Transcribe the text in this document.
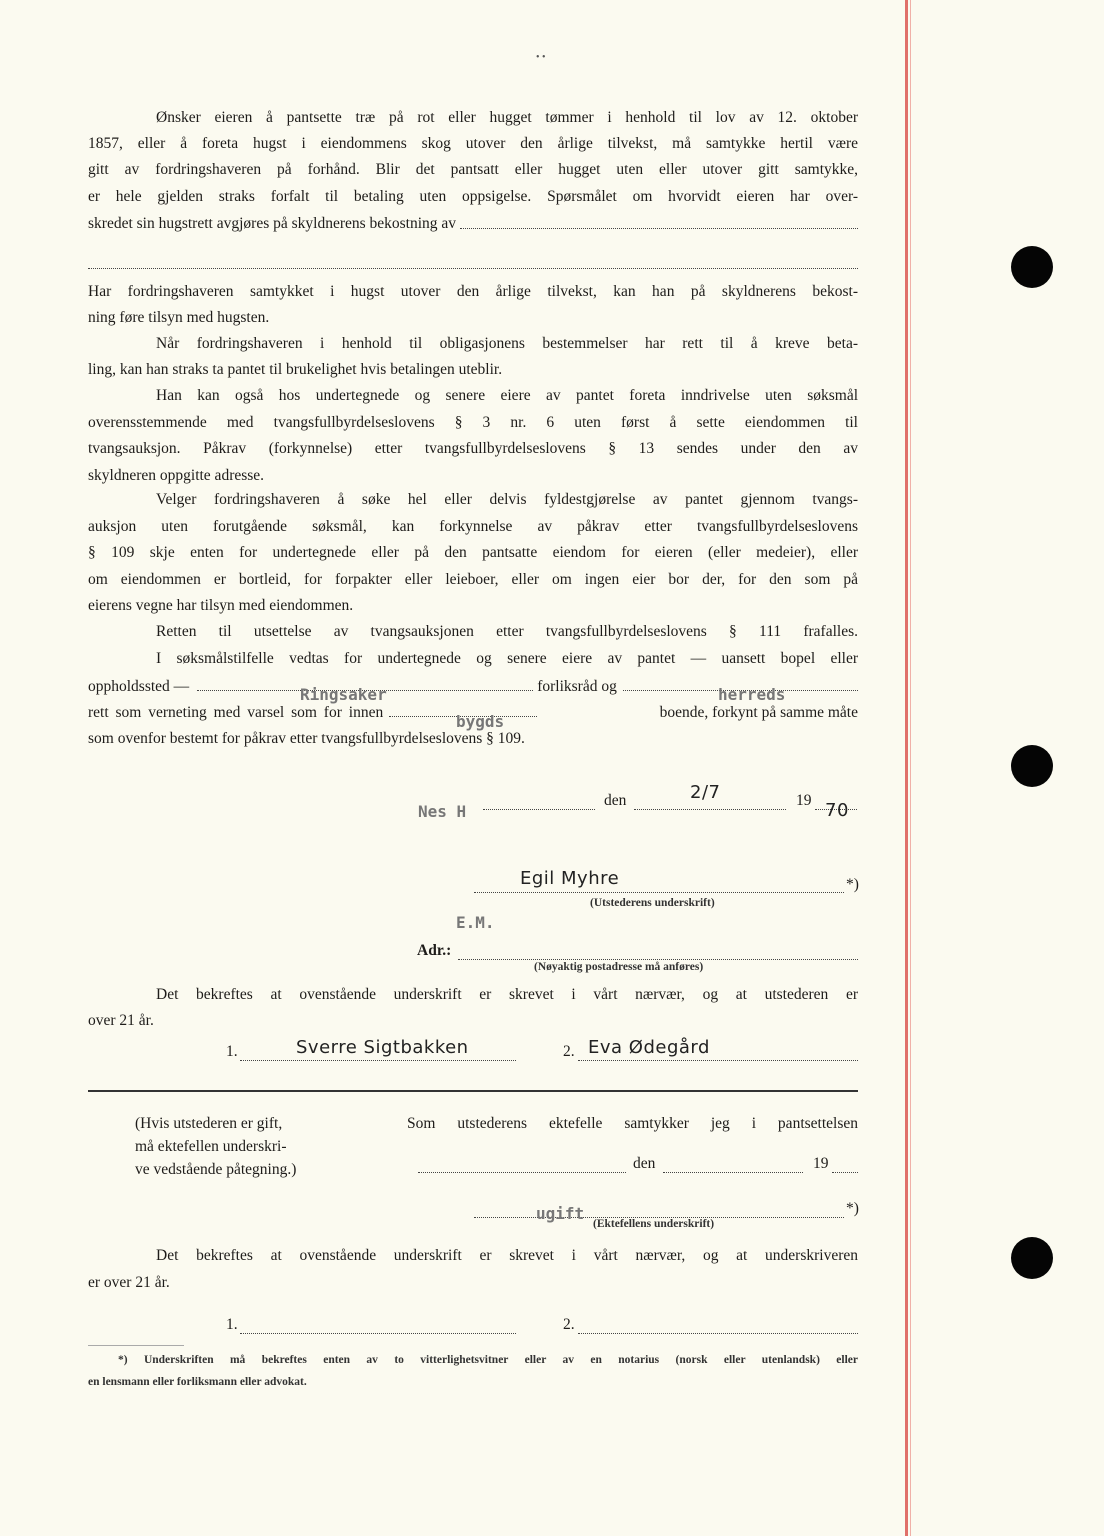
• •
Ønsker eieren å pantsette træ på rot eller hugget tømmer i henhold til lov av 12. oktober
1857, eller å foreta hugst i eiendommens skog utover den årlige tilvekst, må samtykke hertil være
gitt av fordringshaveren på forhånd. Blir det pantsatt eller hugget uten eller utover gitt samtykke,
er hele gjelden straks forfalt til betaling uten oppsigelse. Spørsmålet om hvorvidt eieren har over-
skredet sin hugstrett avgjøres på skyldnerens bekostning av
Har fordringshaveren samtykket i hugst utover den årlige tilvekst, kan han på skyldnerens bekost-
ning føre tilsyn med hugsten.
Når fordringshaveren i henhold til obligasjonens bestemmelser har rett til å kreve beta-
ling, kan han straks ta pantet til brukelighet hvis betalingen uteblir.
Han kan også hos undertegnede og senere eiere av pantet foreta inndrivelse uten søksmål
overensstemmende med tvangsfullbyrdelseslovens § 3 nr. 6 uten først å sette eiendommen til
tvangsauksjon. Påkrav (forkynnelse) etter tvangsfullbyrdelseslovens § 13 sendes under den av
skyldneren oppgitte adresse.
Velger fordringshaveren å søke hel eller delvis fyldestgjørelse av pantet gjennom tvangs-
auksjon uten forutgående søksmål, kan forkynnelse av påkrav etter tvangsfullbyrdelseslovens
§ 109 skje enten for undertegnede eller på den pantsatte eiendom for eieren (eller medeier), eller
om eiendommen er bortleid, for forpakter eller leieboer, eller om ingen eier bor der, for den som på
eierens vegne har tilsyn med eiendommen.
Retten til utsettelse av tvangsauksjonen etter tvangsfullbyrdelseslovens § 111 frafalles.
I søksmålstilfelle vedtas for undertegnede og senere eiere av pantet — uansett bopel eller
oppholdssted —	forliksråd og
Ringsaker	herreds
rett som verneting med varsel som for innen	boende, forkynt på samme måte
bygds
som ovenfor bestemt for påkrav etter tvangsfullbyrdelseslovens § 109.
Nes H
den	2/7	19 70
Egil Myhre	*)
(Utstederens underskrift)
E.M.
Adr.:
(Nøyaktig postadresse må anføres)
Det bekreftes at ovenstående underskrift er skrevet i vårt nærvær, og at utstederen er
over 21 år.
1.	Sverre Sigtbakken	2. Eva Ødegård
(Hvis utstederen er gift,
må ektefellen underskri-
ve vedstående påtegning.)
Som utstederens ektefelle samtykker jeg i pantsettelsen
den	19
ugift	*)
(Ektefellens underskrift)
Det bekreftes at ovenstående underskrift er skrevet i vårt nærvær, og at underskriveren
er over 21 år.
1.	2.
*) Underskriften må bekreftes enten av to vitterlighetsvitner eller av en notarius (norsk eller utenlandsk) eller
en lensmann eller forliksmann eller advokat.
